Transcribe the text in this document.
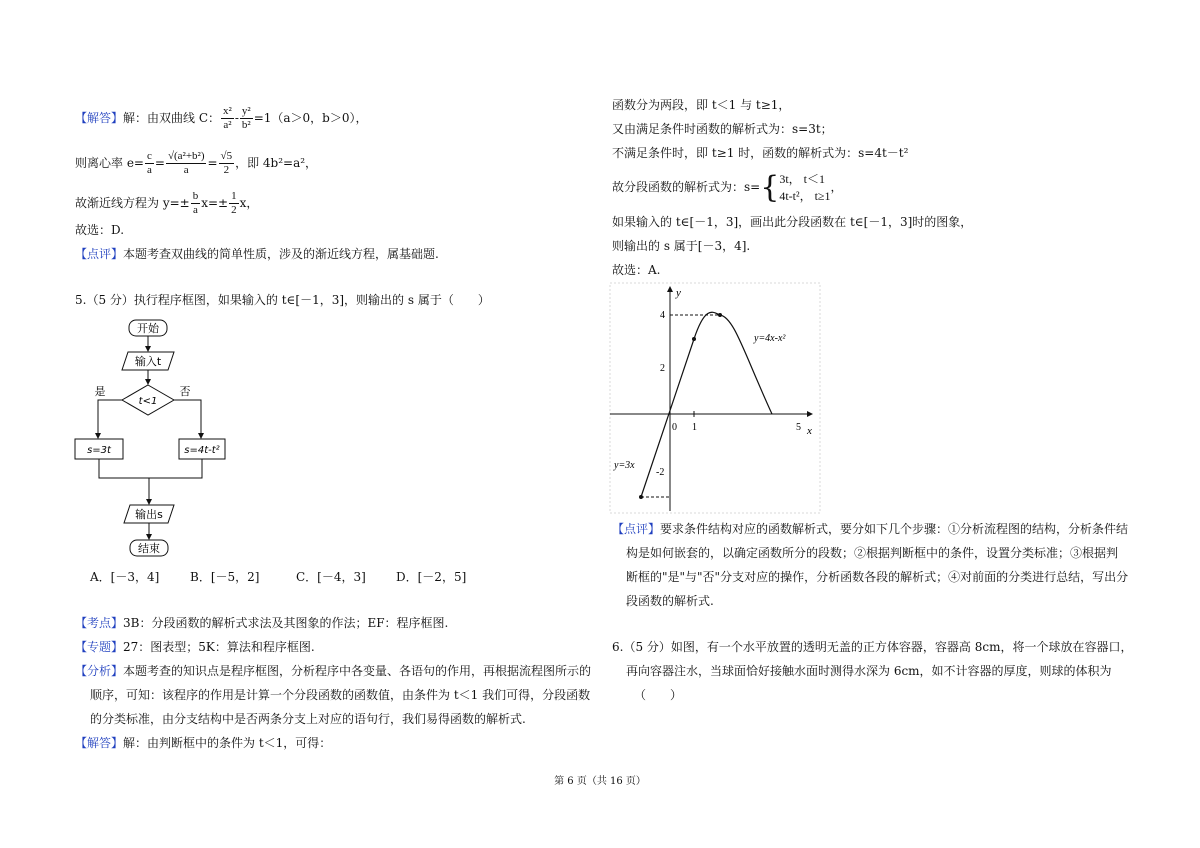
【解答】解：由双曲线 C： $\frac{\text{x²}}{\text{a²}} - \frac{\text{y²}}{\text{b²}} =1(a>0$，b＞0），
则离心率 $e= \frac{c}{a} = \frac{\text{√(a²+b²)}}{a} = \frac{√5}{2}$ ，即 4b²=a²，
故渐近线方程为 $y=\pm \frac{b}{a} x=\pm \frac{1}{2}$ x，
故选：D.
【点评】本题考查双曲线的简单性质，涉及的渐近线方程，属基础题.
5.（5 分）执行程序框图，如果输入的 t∈[－1，3]，则输出的 s 属于（　　）
开始
输入t
t<1
是	否
s=3t	s=4t-t²
输出s
结束
A．[－3，4]	B．[－5，2]	C．[－4，3]	D．[－2，5]
【考点】3B：分段函数的解析式求法及其图象的作法；EF：程序框图.
【专题】27：图表型；5K：算法和程序框图.
【分析】本题考查的知识点是程序框图，分析程序中各变量、各语句的作用，再根据流程图所示的
顺序，可知：该程序的作用是计算一个分段函数的函数值，由条件为 t＜1 我们可得，分段函数
的分类标准，由分支结构中是否两条分支上对应的语句行，我们易得函数的解析式.
【解答】解：由判断框中的条件为 t＜1，可得：
函数分为两段，即 t＜1 与 t≥1，
又由满足条件时函数的解析式为：s=3t；
不满足条件时，即 t≥1 时，函数的解析式为：s=4t－t²
故分段函数的解析式为：s={ 3t， t＜1
4t-t²， t≥1
，
如果输入的 t∈[－1，3]，画出此分段函数在 t∈[－1，3]时的图象，
则输出的 s 属于[－3，4].
故选：A.
y
x
4
2
-2
0 1	5
y=4x-x²
y=3x
【点评】要求条件结构对应的函数解析式，要分如下几个步骤：①分析流程图的结构，分析条件结
构是如何嵌套的，以确定函数所分的段数；②根据判断框中的条件，设置分类标准；③根据判
断框的"是"与"否"分支对应的操作，分析函数各段的解析式；④对前面的分类进行总结，写出分
段函数的解析式.
6.（5 分）如图，有一个水平放置的透明无盖的正方体容器，容器高 8cm，将一个球放在容器口，
再向容器注水，当球面恰好接触水面时测得水深为 6cm，如不计容器的厚度，则球的体积为
（　　）
第 6 页（共 16 页）
